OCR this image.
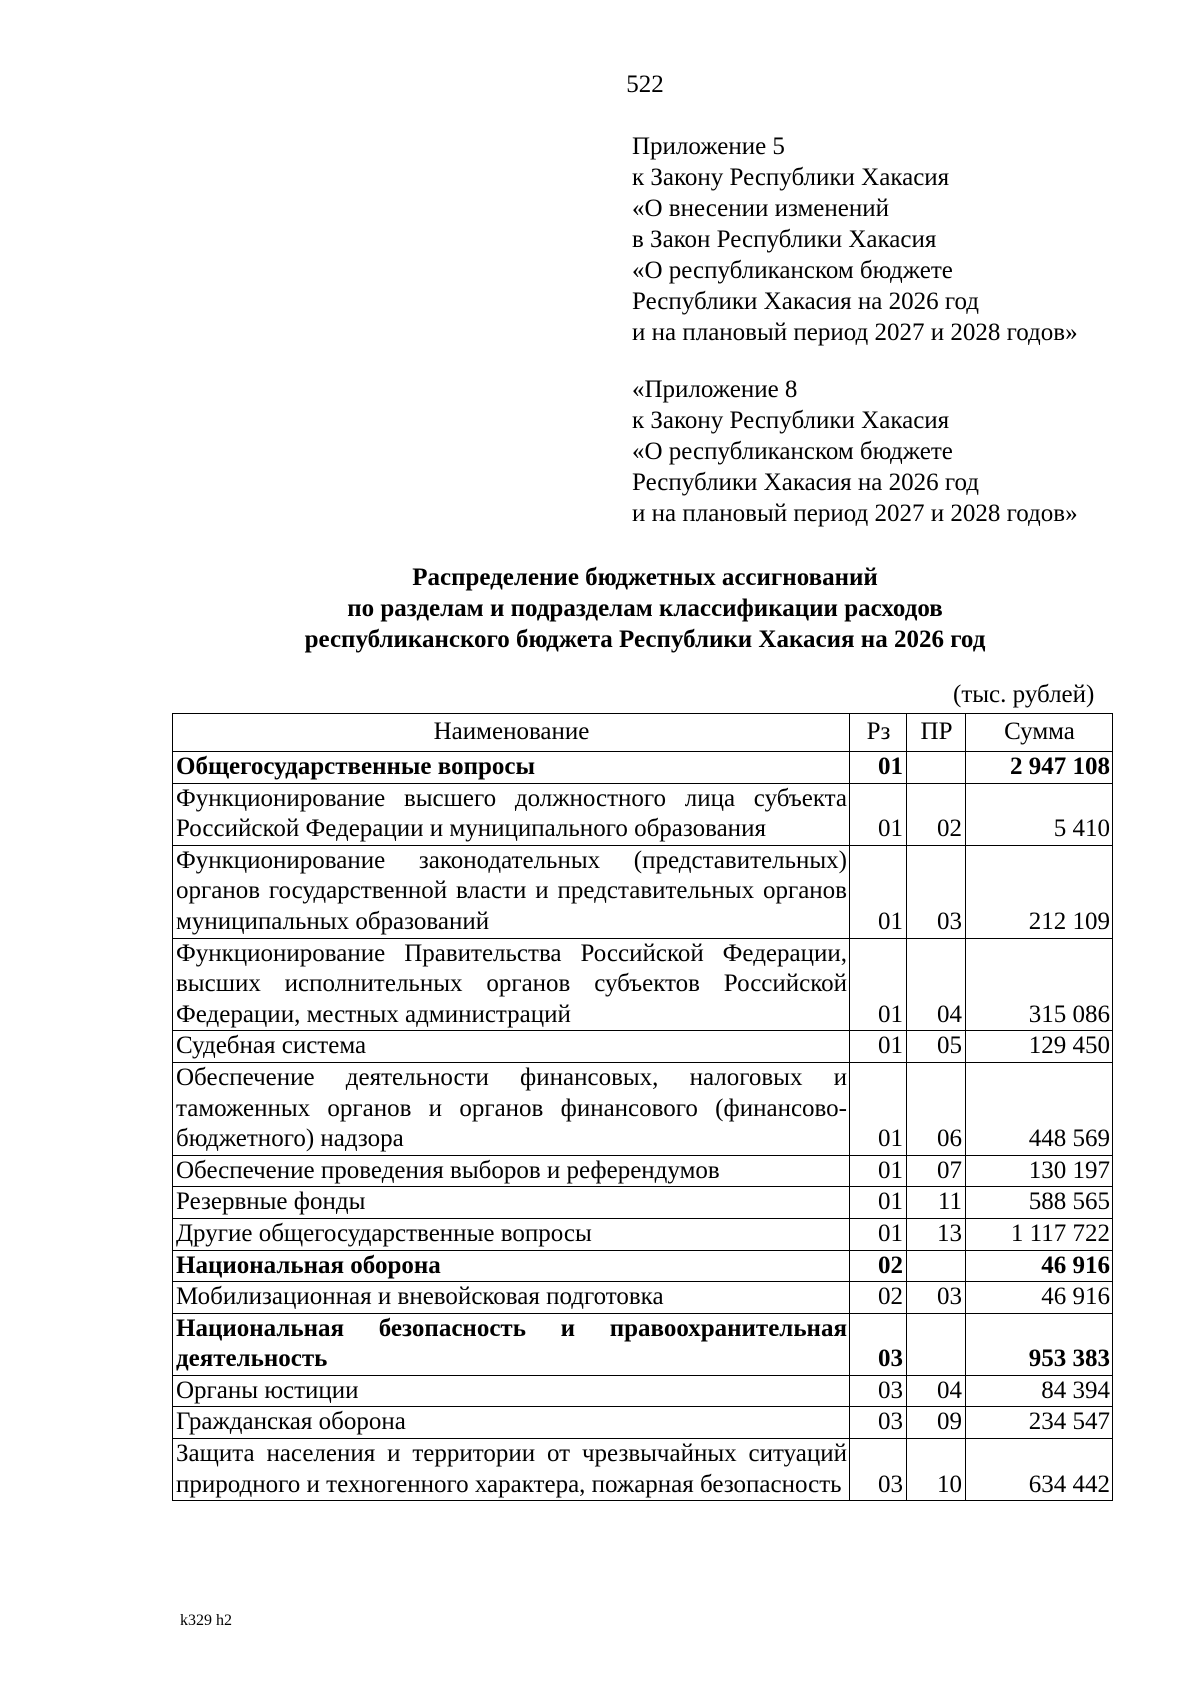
522
Приложение 5
к Закону Республики Хакасия
«О внесении изменений
в Закон Республики Хакасия
«О республиканском бюджете
Республики Хакасия на 2026 год
и на плановый период 2027 и 2028 годов»
«Приложение 8
к Закону Республики Хакасия
«О республиканском бюджете
Республики Хакасия на 2026 год
и на плановый период 2027 и 2028 годов»
Распределение бюджетных ассигнований
по разделам и подразделам классификации расходов
республиканского бюджета Республики Хакасия на 2026 год
(тыс. рублей)
Наименование	Рз	ПР	Сумма
Общегосударственные вопросы	01		2 947 108
Функционирование высшего должностного лица субъекта Российской Федерации и муниципального образования	01	02	5 410
Функционирование законодательных (представительных) органов государственной власти и представительных органов муниципальных образований	01	03	212 109
Функционирование Правительства Российской Федерации, высших исполнительных органов субъектов Российской Федерации, местных администраций	01	04	315 086
Судебная система	01	05	129 450
Обеспечение деятельности финансовых, налоговых и таможенных органов и органов финансового (финансово-бюджетного) надзора	01	06	448 569
Обеспечение проведения выборов и референдумов	01	07	130 197
Резервные фонды	01	11	588 565
Другие общегосударственные вопросы	01	13	1 117 722
Национальная оборона	02		46 916
Мобилизационная и вневойсковая подготовка	02	03	46 916
Национальная безопасность и правоохранительная деятельность	03		953 383
Органы юстиции	03	04	84 394
Гражданская оборона	03	09	234 547
Защита населения и территории от чрезвычайных ситуаций природного и техногенного характера, пожарная безопасность	03	10	634 442
k329 h2
